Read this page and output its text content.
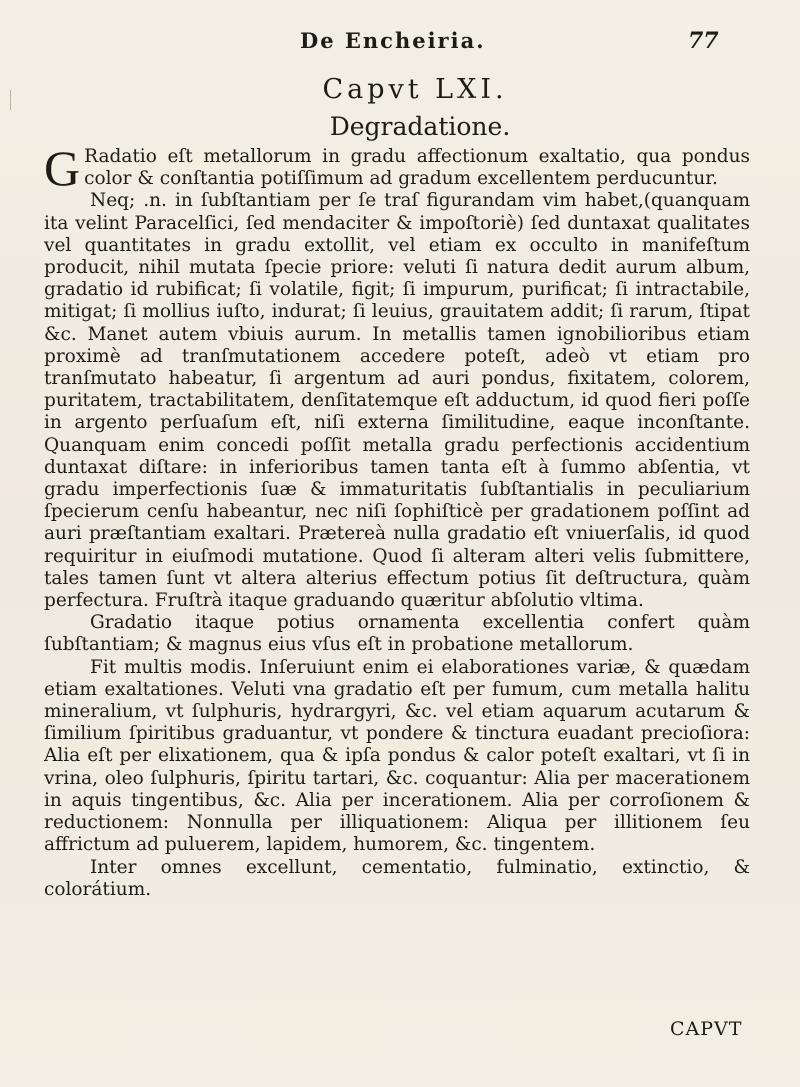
De Encheiria.	77
Capvt LXI.
Degradatione.

G Radatio eſt metallorum in gradu affectionum exaltatio, qua pondus color & conſtantia potiſſimum ad gradum excellentem perducuntur.

Neq; .n. in ſubſtantiam per ſe traſ figurandam vim habet,(quanquam ita velint Paracelſici, ſed mendaciter & impoſtoriè) ſed duntaxat qualitates vel quantitates in gradu extollit, vel etiam ex occulto in manifeſtum producit, nihil mutata ſpecie priore: veluti ſi natura dedit aurum album, gradatio id rubificat; ſi volatile, figit; ſi impurum, purificat; ſi intractabile, mitigat; ſi mollius iuſto, indurat; ſi leuius, grauitatem addit; ſi rarum, ſtipat &c. Manet autem vbiuis aurum. In metallis tamen ignobilioribus etiam proximè ad tranſmutationem accedere poteſt, adeò vt etiam pro tranſmutato habeatur, ſi argentum ad auri pondus, fixitatem, colorem, puritatem, tractabilitatem, denſitatemque eſt adductum, id quod fieri poſſe in argento perſuaſum eſt, niſi externa ſimilitudine, eaque inconſtante. Quanquam enim concedi poſſit metalla gradu perfectionis accidentium duntaxat diſtare: in inferioribus tamen tanta eſt à ſummo abſentia, vt gradu imperfectionis ſuæ & immaturitatis ſubſtantialis in peculiarium ſpecierum cenſu habeantur, nec niſi ſophiſticè per gradationem poſſint ad auri præſtantiam exaltari. Prætereà nulla gradatio eſt vniuerſalis, id quod requiritur in eiuſmodi mutatione. Quod ſi alteram alteri velis ſubmittere, tales tamen ſunt vt altera alterius effectum potius ſit deſtructura, quàm perfectura. Fruſtrà itaque graduando quæritur abſolutio vltima.

Gradatio itaque potius ornamenta excellentia confert quàm ſubſtantiam; & magnus eius vſus eſt in probatione metallorum.

Fit multis modis. Inſeruiunt enim ei elaborationes variæ, & quædam etiam exaltationes. Veluti vna gradatio eſt per fumum, cum metalla halitu mineralium, vt ſulphuris, hydrargyri, &c. vel etiam aquarum acutarum & ſimilium ſpiritibus graduantur, vt pondere & tinctura euadant precioſiora: Alia eſt per elixationem, qua & ipſa pondus & calor poteſt exaltari, vt ſi in vrina, oleo ſulphuris, ſpiritu tartari, &c. coquantur: Alia per macerationem in aquis tingentibus, &c. Alia per incerationem. Alia per corroſionem & reductionem: Nonnulla per illiquationem: Aliqua per illitionem ſeu affrictum ad puluerem, lapidem, humorem, &c. tingentem.

Inter omnes excellunt, cementatio, fulminatio, extinctio, & colorátium.

CAPVT
